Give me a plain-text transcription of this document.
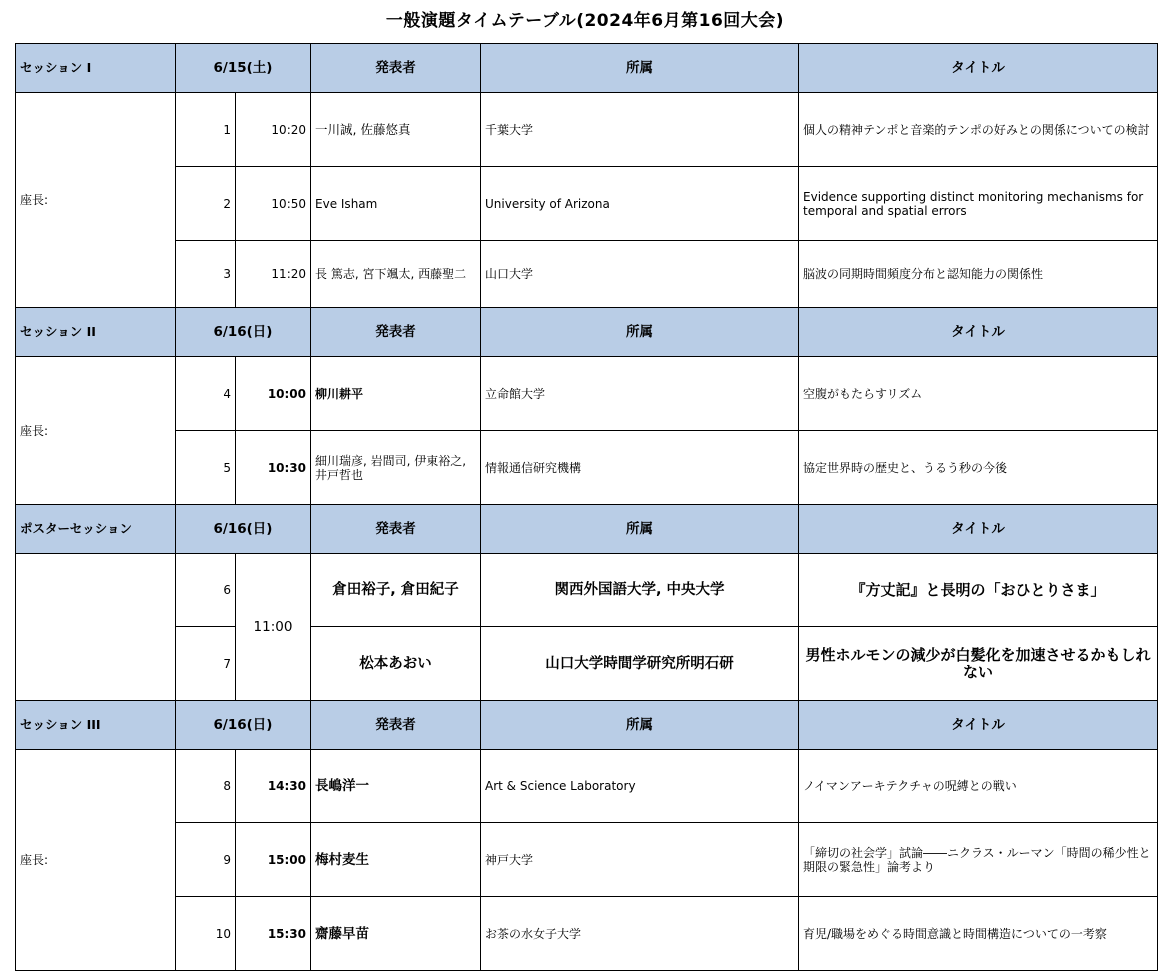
一般演題タイムテーブル(2024年6月第16回大会)
セッション I	6/15(土)		発表者	所属	タイトル
座長:	1	10:20	一川誠, 佐藤悠真	千葉大学	個人の精神テンポと音楽的テンポの好みとの関係についての検討
	2	10:50	Eve Isham	University of Arizona	Evidence supporting distinct monitoring mechanisms for temporal and spatial errors
	3	11:20	長 篤志, 宮下颯太, 西藤聖二	山口大学	脳波の同期時間頻度分布と認知能力の関係性
セッション II	6/16(日)		発表者	所属	タイトル
座長:	4	10:00	柳川耕平	立命館大学	空腹がもたらすリズム
	5	10:30	細川瑞彦, 岩間司, 伊東裕之, 井戸哲也	情報通信研究機構	協定世界時の歴史と、うるう秒の今後
ポスターセッション	6/16(日)		発表者	所属	タイトル
	6	11:00	倉田裕子, 倉田紀子	関西外国語大学, 中央大学	『方丈記』と長明の「おひとりさま」
	7		松本あおい	山口大学時間学研究所明石研	男性ホルモンの減少が白髪化を加速させるかもしれない
セッション III	6/16(日)		発表者	所属	タイトル
座長:	8	14:30	長嶋洋一	Art & Science Laboratory	ノイマンアーキテクチャの呪縛との戦い
	9	15:00	梅村麦生	神戸大学	「締切の社会学」試論――ニクラス・ルーマン「時間の稀少性と期限の緊急性」論考より
	10	15:30	齋藤早苗	お茶の水女子大学	育児/職場をめぐる時間意識と時間構造についての一考察
